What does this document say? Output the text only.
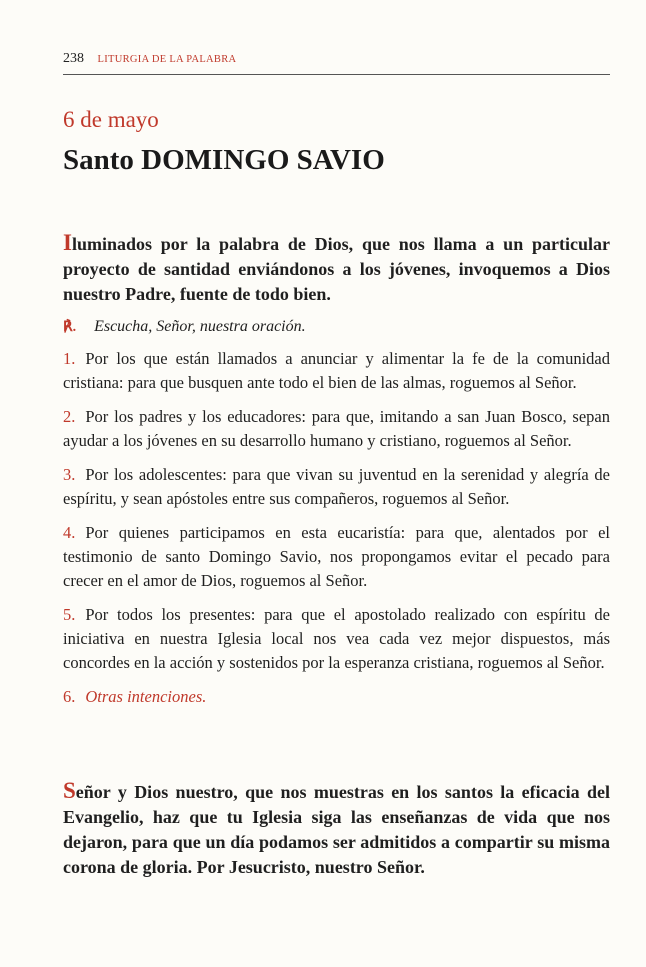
238 LITURGIA DE LA PALABRA
6 de mayo
Santo DOMINGO SAVIO
Iluminados por la palabra de Dios, que nos llama a un particular proyecto de santidad enviándonos a los jóvenes, invoquemos a Dios nuestro Padre, fuente de todo bien.
℟. Escucha, Señor, nuestra oración.

1. Por los que están llamados a anunciar y alimentar la fe de la comunidad cristiana: para que busquen ante todo el bien de las almas, roguemos al Señor.

2. Por los padres y los educadores: para que, imitando a san Juan Bosco, sepan ayudar a los jóvenes en su desarrollo humano y cristiano, roguemos al Señor.

3. Por los adolescentes: para que vivan su juventud en la serenidad y alegría de espíritu, y sean apóstoles entre sus compañeros, roguemos al Señor.

4. Por quienes participamos en esta eucaristía: para que, alentados por el testimonio de santo Domingo Savio, nos propongamos evitar el pecado para crecer en el amor de Dios, roguemos al Señor.

5. Por todos los presentes: para que el apostolado realizado con espíritu de iniciativa en nuestra Iglesia local nos vea cada vez mejor dispuestos, más concordes en la acción y sostenidos por la esperanza cristiana, roguemos al Señor.

6. Otras intenciones.

Señor y Dios nuestro, que nos muestras en los santos la eficacia del Evangelio, haz que tu Iglesia siga las enseñanzas de vida que nos dejaron, para que un día podamos ser admitidos a compartir su misma corona de gloria. Por Jesucristo, nuestro Señor.
